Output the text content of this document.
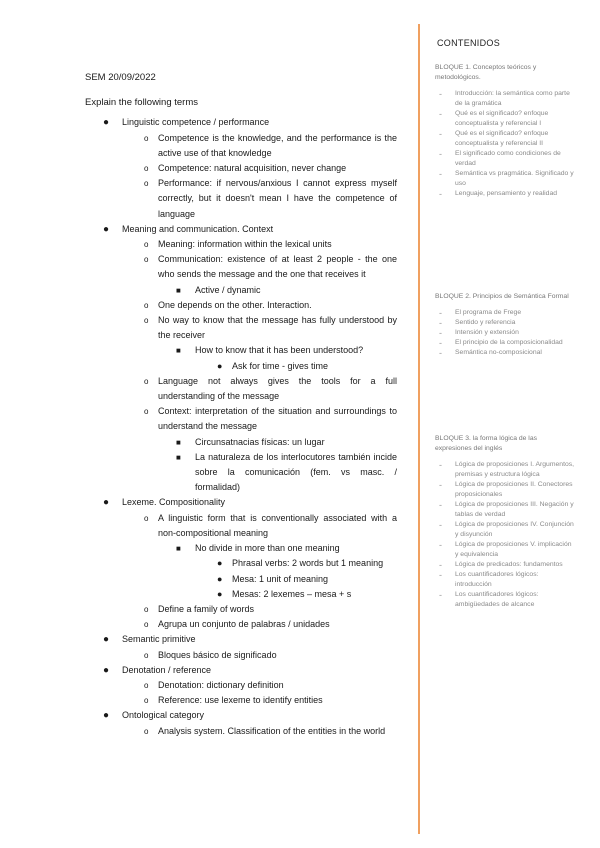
SEM 20/09/2022
Explain the following terms
● Linguistic competence / performance
o Competence is the knowledge, and the performance is the active use of that knowledge
o Competence: natural acquisition, never change
o Performance: if nervous/anxious I cannot express myself correctly, but it doesn't mean I have the competence of language
● Meaning and communication. Context
o Meaning: information within the lexical units
o Communication: existence of at least 2 people - the one who sends the message and the one that receives it
■ Active / dynamic
o One depends on the other. Interaction.
o No way to know that the message has fully understood by the receiver
■ How to know that it has been understood?
● Ask for time - gives time
o Language not always gives the tools for a full understanding of the message
o Context: interpretation of the situation and surroundings to understand the message
■ Circunsatnacias físicas: un lugar
■ La naturaleza de los interlocutores también incide sobre la comunicación (fem. vs masc. / formalidad)
● Lexeme. Compositionality
o A linguistic form that is conventionally associated with a non-compositional meaning
■ No divide in more than one meaning
● Phrasal verbs: 2 words but 1 meaning
● Mesa: 1 unit of meaning
● Mesas: 2 lexemes – mesa + s
o Define a family of words
o Agrupa un conjunto de palabras / unidades
● Semantic primitive
o Bloques básico de significado
● Denotation / reference
o Denotation: dictionary definition
o Reference: use lexeme to identify entities
● Ontological category
o Analysis system. Classification of the entities in the world
CONTENIDOS
BLOQUE 1. Conceptos teóricos y metodológicos.
- Introducción: la semántica como parte de la gramática
- Qué es el significado? enfoque conceptualista y referencial I
- Qué es el significado? enfoque conceptualista y referencial II
- El significado como condiciones de verdad
- Semántica vs pragmática. Significado y uso
- Lenguaje, pensamiento y realidad
BLOQUE 2. Principios de Semántica Formal
- El programa de Frege
- Sentido y referencia
- Intensión y extensión
- El principio de la composicionalidad
- Semántica no-composicional
BLOQUE 3. la forma lógica de las expresiones del inglés
- Lógica de proposiciones I. Argumentos, premisas y estructura lógica
- Lógica de proposiciones II. Conectores proposicionales
- Lógica de proposiciones III. Negación y tablas de verdad
- Lógica de proposiciones IV. Conjunción y disyunción
- Lógica de proposiciones V. implicación y equivalencia
- Lógica de predicados: fundamentos
- Los cuantificadores lógicos: introducción
- Los cuantificadores lógicos: ambigüedades de alcance
